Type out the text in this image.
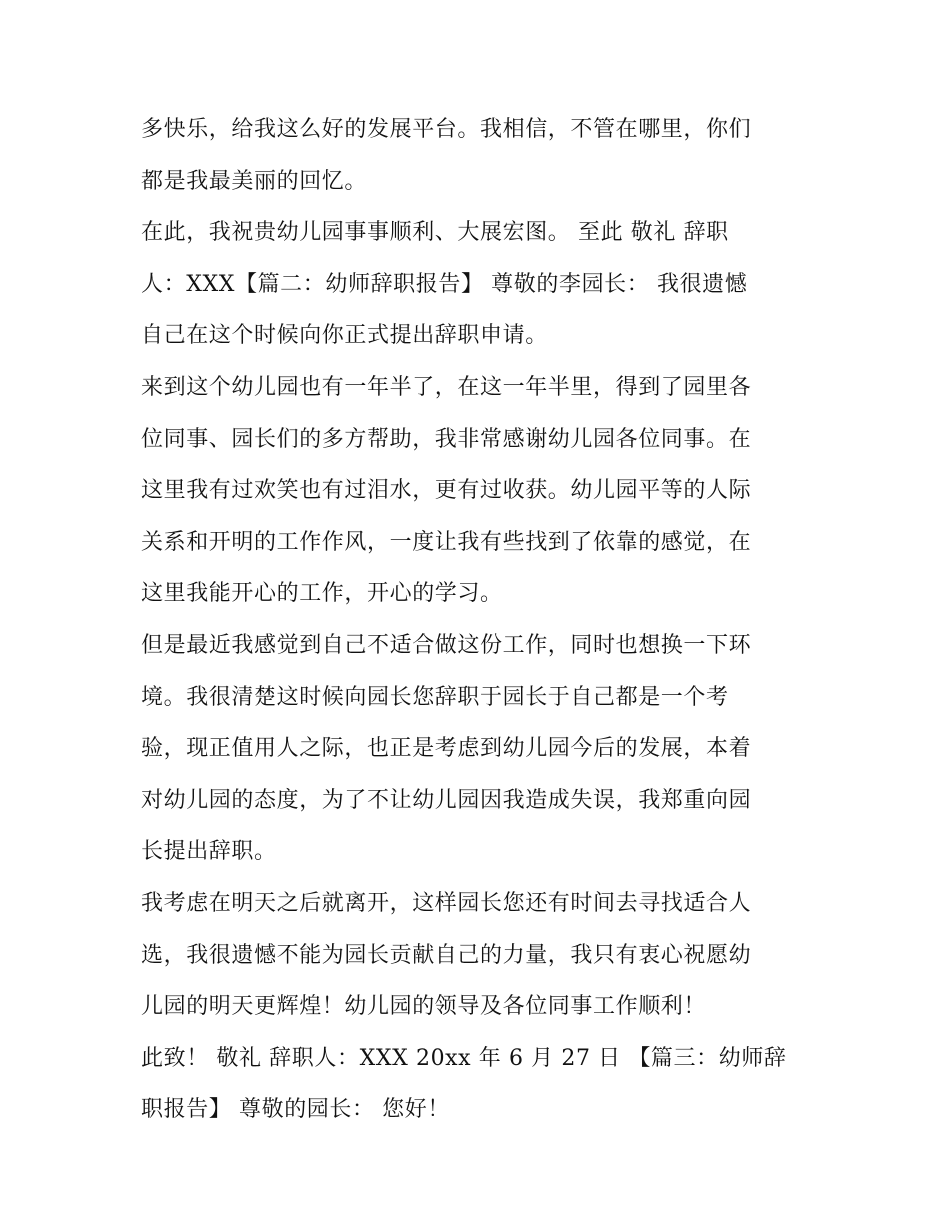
多快乐，给我这么好的发展平台。我相信，不管在哪里，你们
都是我最美丽的回忆。
在此，我祝贵幼儿园事事顺利、大展宏图。 至此 敬礼 辞职
人：XXX【篇二：幼师辞职报告】 尊敬的李园长： 我很遗憾
自己在这个时候向你正式提出辞职申请。
来到这个幼儿园也有一年半了，在这一年半里，得到了园里各
位同事、园长们的多方帮助，我非常感谢幼儿园各位同事。在
这里我有过欢笑也有过泪水，更有过收获。幼儿园平等的人际
关系和开明的工作作风，一度让我有些找到了依靠的感觉，在
这里我能开心的工作，开心的学习。
但是最近我感觉到自己不适合做这份工作，同时也想换一下环
境。我很清楚这时候向园长您辞职于园长于自己都是一个考
验，现正值用人之际，也正是考虑到幼儿园今后的发展，本着
对幼儿园的态度，为了不让幼儿园因我造成失误，我郑重向园
长提出辞职。
我考虑在明天之后就离开，这样园长您还有时间去寻找适合人
选，我很遗憾不能为园长贡献自己的力量，我只有衷心祝愿幼
儿园的明天更辉煌！幼儿园的领导及各位同事工作顺利！
此致！ 敬礼 辞职人：XXX 20xx 年 6 月 27 日 【篇三：幼师辞
职报告】 尊敬的园长： 您好！
